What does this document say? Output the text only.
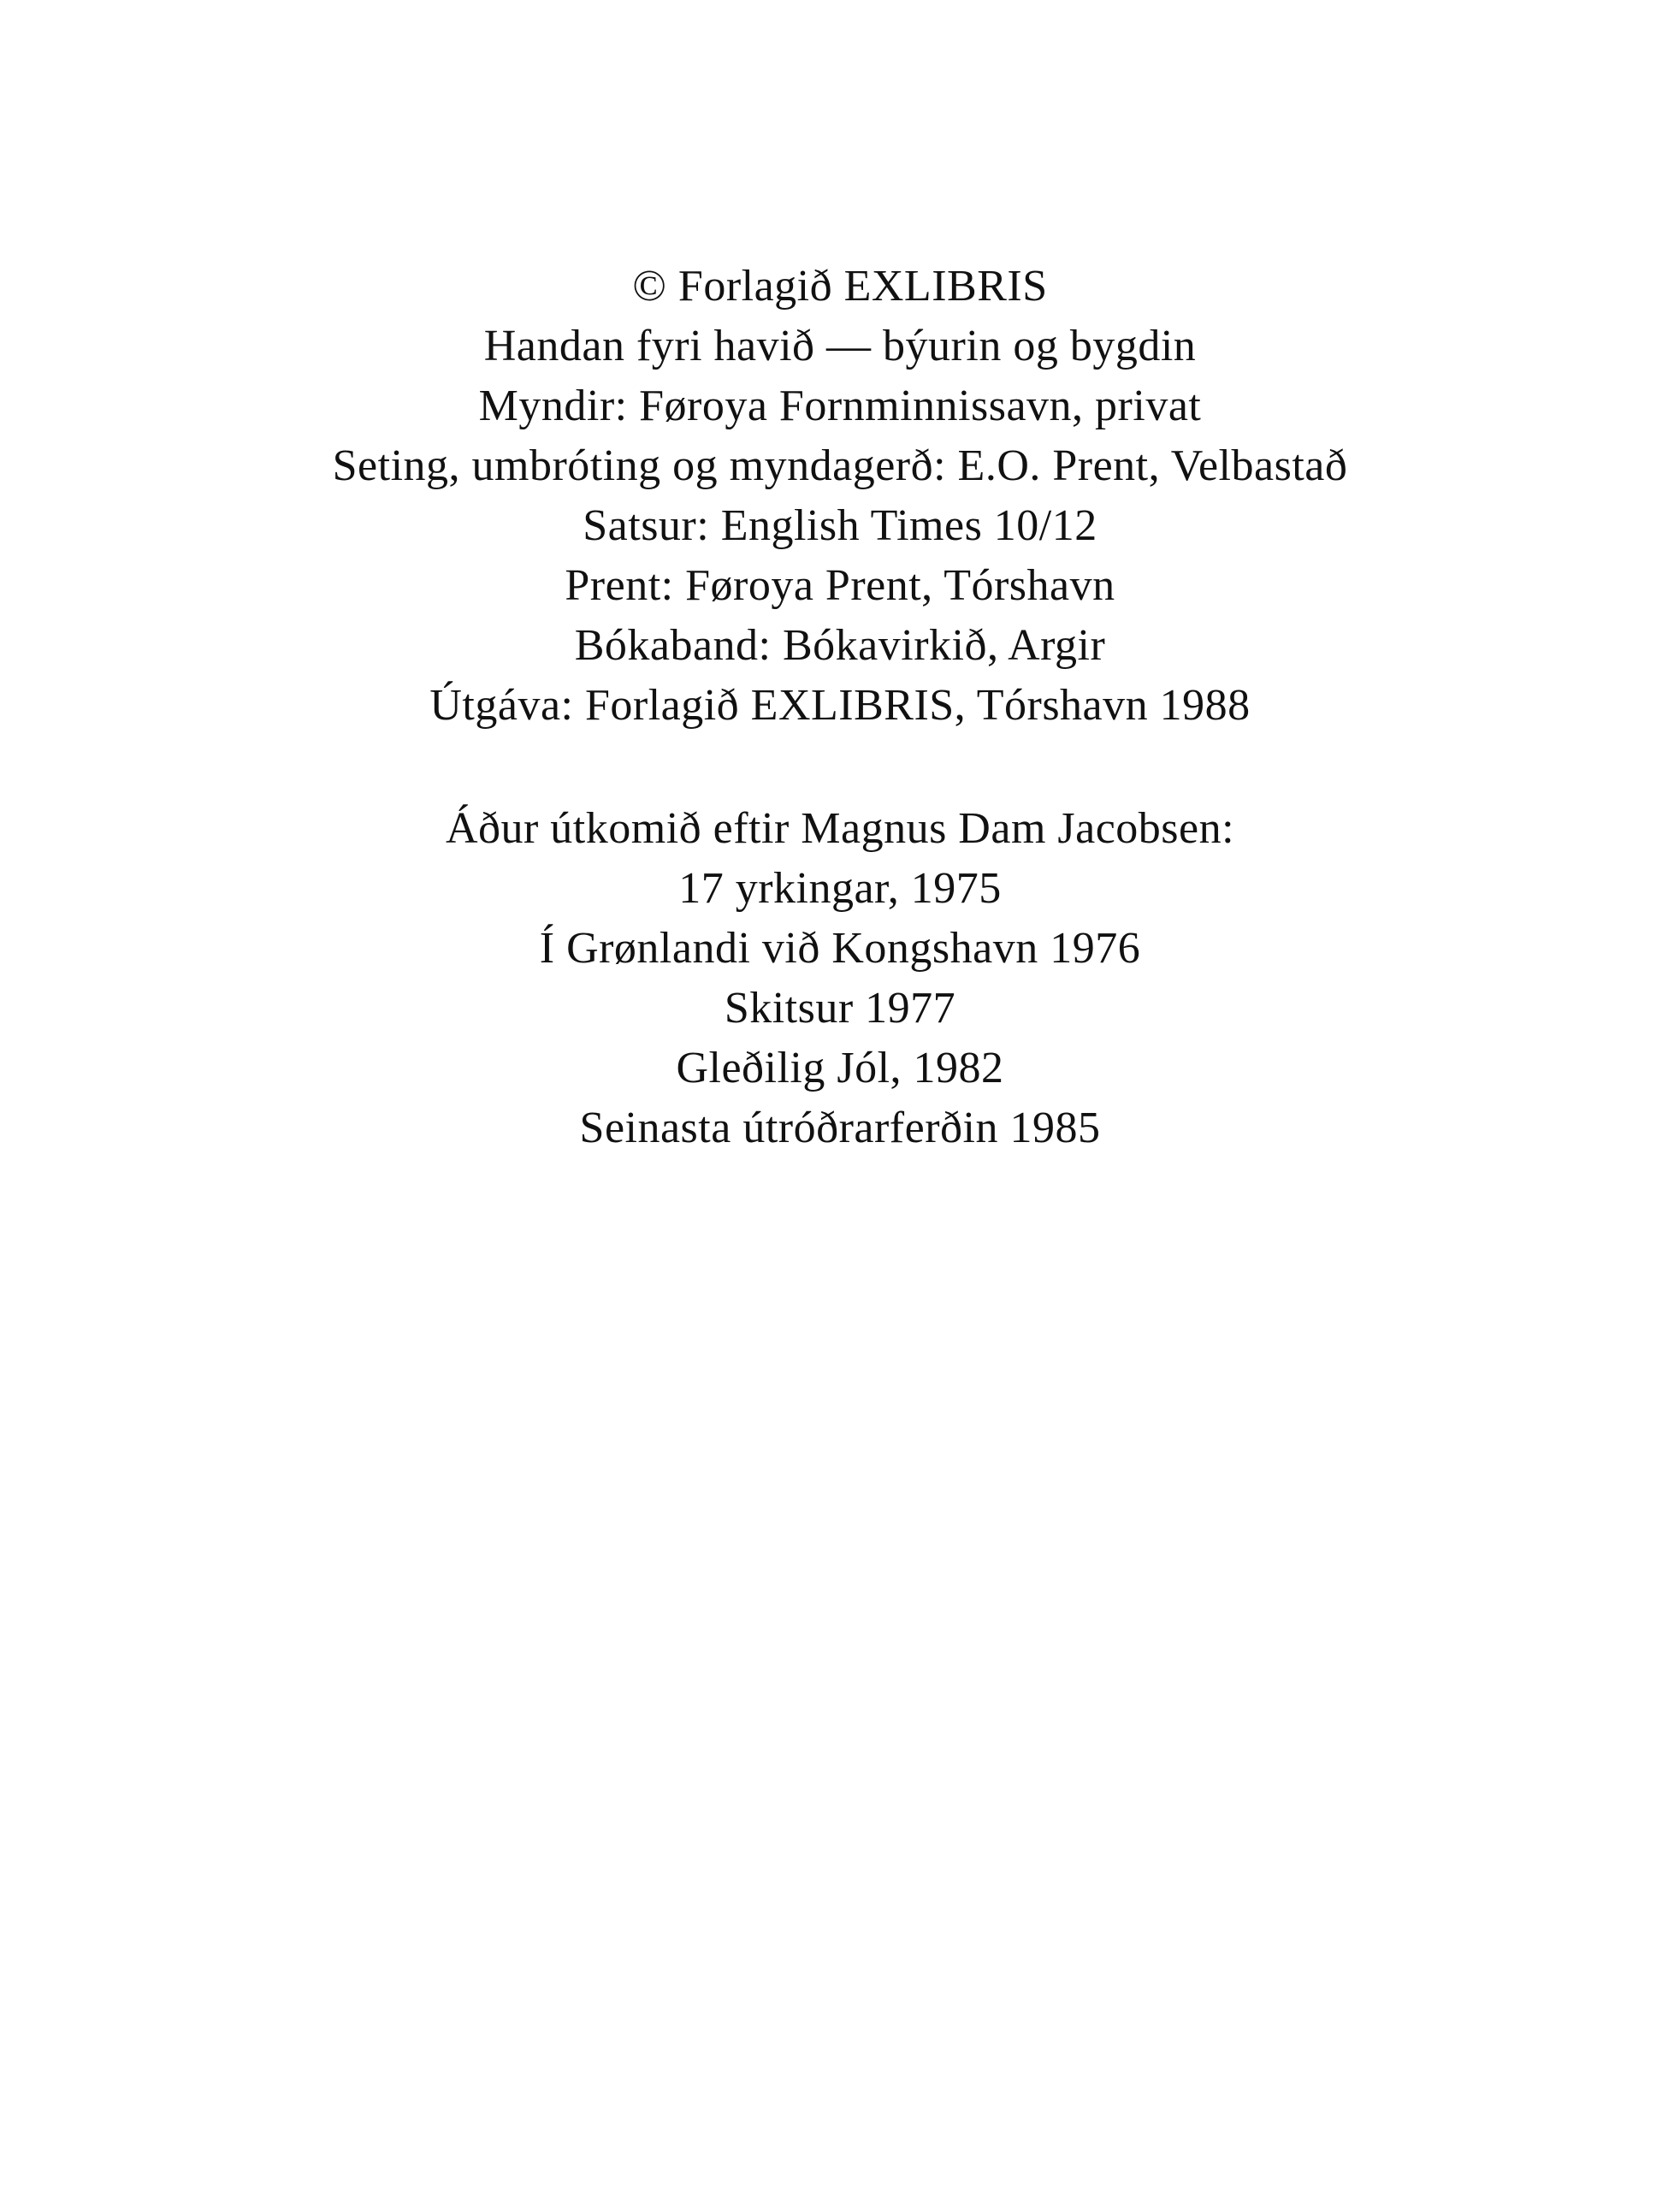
© Forlagið EXLIBRIS

Handan fyri havið — býurin og bygdin

Myndir: Føroya Fornminnissavn, privat

Seting, umbróting og myndagerð: E.O. Prent, Velbastað

Satsur: English Times 10/12

Prent: Føroya Prent, Tórshavn

Bókaband: Bókavirkið, Argir

Útgáva: Forlagið EXLIBRIS, Tórshavn 1988

Áður útkomið eftir Magnus Dam Jacobsen:

17 yrkingar, 1975

Í Grønlandi við Kongshavn 1976

Skitsur 1977

Gleðilig Jól, 1982

Seinasta útróðrarferðin 1985
